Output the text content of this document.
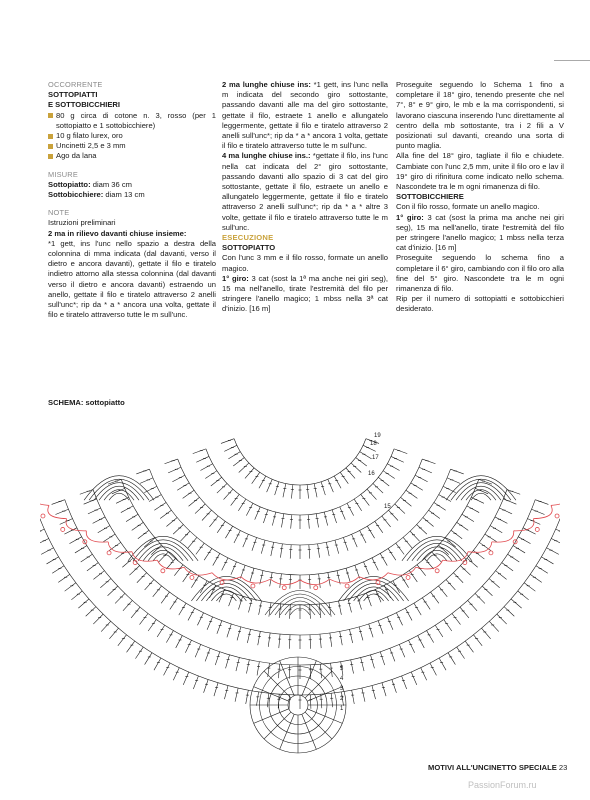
OCCORRENTE
SOTTOPIATTI
E SOTTOBICCHIERI

80 g circa di cotone n. 3, rosso (per 1 sottopiatto e 1 sottobicchiere)

10 g filato lurex, oro

Uncinetti 2,5 e 3 mm

Ago da lana

MISURE
Sottopiatto: diam 36 cm
Sottobicchiere: diam 13 cm
NOTE
Istruzioni preliminari
2 ma in rilievo davanti chiuse insieme:

*1 gett, ins l'unc nello spazio a destra della colonnina di mma indicata (dal davanti, verso il dietro e ancora davanti), gettate il filo e tiratelo indietro attorno alla stessa colonnina (dal davanti verso il dietro e ancora davanti) estraendo un anello, gettate il filo e tiratelo attraverso 2 anelli sull'unc*; rip da * a * ancora una volta, gettate il filo e tiratelo attraverso tutte le m sull'unc.

2 ma lunghe chiuse ins: *1 gett, ins l'unc nella m indicata del secondo giro sottostante, passando davanti alle ma del giro sottostante, gettate il filo, estraete 1 anello e allungatelo leggermente, gettate il filo e tiratelo attraverso 2 anelli sull'unc*; rip da * a * ancora 1 volta, gettate il filo e tiratelo attraverso tutte le m sull'unc.

4 ma lunghe chiuse ins.: *gettate il filo, ins l'unc nella cat indicata del 2° giro sottostante, passando davanti allo spazio di 3 cat del giro sottostante, gettate il filo, estraete un anello e allungatelo leggermente, gettate il filo e tiratelo attraverso 2 anelli sull'unc*; rip da * a * altre 3 volte, gettate il filo e tiratelo attraverso tutte le m sull'unc.

ESECUZIONE
SOTTOPIATTO

Con l'unc 3 mm e il filo rosso, formate un anello magico.

1° giro: 3 cat (sost la 1ª ma anche nei giri seg), 15 ma nell'anello, tirate l'estremità del filo per stringere l'anello magico; 1 mbss nella 3ª cat d'inizio. [16 m]

Proseguite seguendo lo Schema 1 fino a completare il 18° giro, tenendo presente che nel 7°, 8° e 9° giro, le mb e la ma corrispondenti, si lavorano ciascuna inserendo l'unc direttamente al centro della mb sottostante, tra i 2 fili a V posizionati sul davanti, creando una sorta di punto maglia.

Alla fine del 18° giro, tagliate il filo e chiudete. Cambiate con l'unc 2,5 mm, unite il filo oro e lav il 19° giro di rifinitura come indicato nello schema. Nascondete tra le m ogni rimanenza di filo.

SOTTOBICCHIERE

Con il filo rosso, formate un anello magico.

1° giro: 3 cat (sost la prima ma anche nei giri seg), 15 ma nell'anello, tirate l'estremità del filo per stringere l'anello magico; 1 mbss nella terza cat d'inizio. [16 m]

Proseguite seguendo lo schema fino a completare il 6° giro, cambiando con il filo oro alla fine del 5° giro. Nascondete tra le m ogni rimanenza di filo.

Rip per il numero di sottopiatti e sottobicchieri desiderato.

SCHEMA: sottopiatto
19
18
17
16
15
5
4
3
2
1
MOTIVI ALL'UNCINETTO SPECIALE 23
PassionForum.ru
